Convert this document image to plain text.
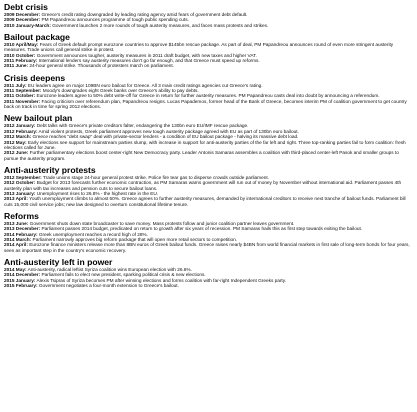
Debt crisis
2009 December: Greece's credit rating downgraded by leading rating agency amid fears of government debt default.
2009 December: PM Papandreou announces programme of tough public spending cuts.
2010 January-March: Government launches 2 more rounds of tough austerity measures, and faces mass protests and strikes.
Bailout package
2010 April/May: Fears of Greek default prompt eurozone countries to approve $145bn rescue package. As part of deal, PM Papandreou announces round of even more stringent austerity measures. Trade unions call general strike in protest.
2010 October: Government announces tougher, austerity measures in 2011 draft budget, with new taxes and higher VAT.
2011 February: International lenders say austerity measures don't go far enough, and that Greece must speed up reforms.
2011 June: 24-hour general strike. Thousands of protesters march on parliament.
Crisis deepens
2011 July: EU leaders agree on major 109BN euro bailout for Greece. All 3 main credit ratings agencies cut Greece's rating.
2011 September: Moody's downgrades eight Greek banks over Greece's ability to pay debts.
2011 October: Eurozone leaders agree to 50% debt write-off for Greece in return for further austerity measures. PM Papandreou casts deal into doubt by announcing a referendum.
2011 November: Facing criticism over referendum plan, Papandreou resigns. Lucas Papademos, former head of the Bank of Greece, becomes interim PM of coalition government to get country back on track in time for spring 2012 elections.
New bailout plan
2012 January: Debt talks with Greece's private creditors falter, endangering the 130bn euro EU/IMF rescue package.
2012 February: Amid violent protests, Greek parliament approves new tough austerity package agreed with EU as part of 130bn euro bailout.
2012 March: Greece reaches "debt swap" deal with private-sector lenders - a condition of EU bailout package - halving its massive debt load.
2012 May: Early elections see support for mainstream parties slump, with increase in support for anti-austerity parties of the far left and right. Three top-ranking parties fail to form coalition: fresh elections called for June.
2012 June: Further parliamentary elections boost center-right New Democracy party. Leader Antonis Samaras assembles a coalition with third-placed center-left Pasok and smaller groups to pursue the austerity program.
Anti-austerity protests
2012 September: Trade unions stage 24-hour general protest strike. Police fire tear gas to disperse crowds outside parliament.
2012 October: Budget for 2013 forecasts further economic contraction, as PM Samaras warns government will run out of money by November without international aid. Parliament passes 4th austerity plan with tax increases and pension cuts to secure bailout loans.
2013 January: Unemployment rises to 26.8% - the highest rate in the EU.
2013 April: Youth unemployment climbs to almost 60%. Greece agrees to further austerity measures, demanded by international creditors to receive next tranche of bailout funds. Parliament bill cuts 15,000 civil service jobs; new law designed to overturn constitutional lifetime tenure.
Reforms
2013 June: Government shuts down state broadcaster to save money. Mass protests follow and junior coalition partner leaves government.
2013 December: Parliament passes 2014 budget, predicated on return to growth after six years of recession. PM Samaras hails this as first step towards exiting the bailout.
2014 February: Greek unemployment reaches a record high of 28%.
2014 March: Parliament narrowly approves big reform package that will open more retail sectors to competition.
2014 April: Eurozone finance ministers release more than 8BN euros of Greek bailout funds. Greece raises nearly $4BN from world financial markets in first sale of long-term bonds for four years, seen as important step in the country's economic recovery.
Anti-austerity left in power
2014 May: Anti-austerity, radical leftist Syriza coalition wins European election with 26.6%.
2014 December: Parliament fails to elect new president, sparking political crisis & new elections.
2015 January: Alexis Tsipras of Syriza becomes PM after winning elections and forms coalition with far-right Independent Greeks party.
2015 February: Government negotiates a four-month extension to Greece's bailout.
